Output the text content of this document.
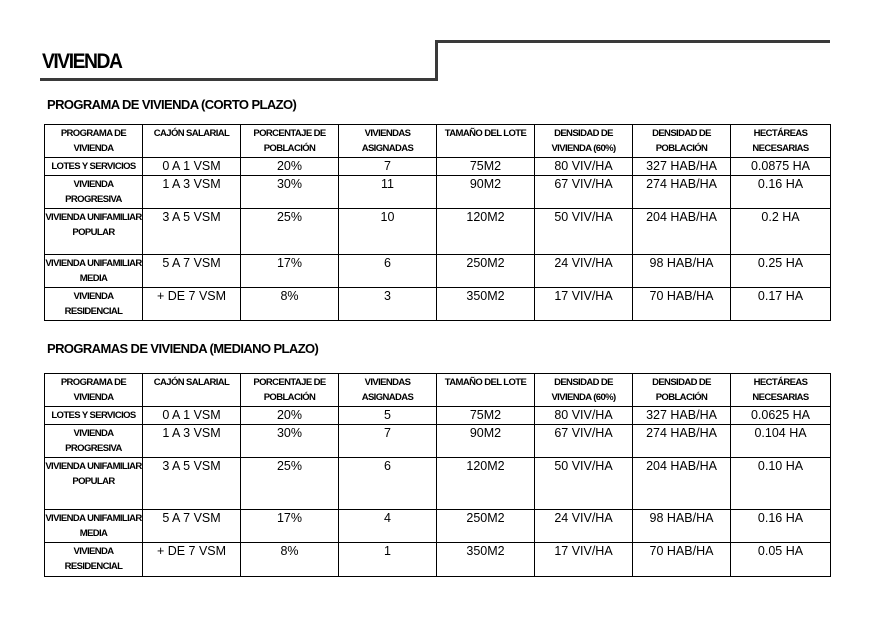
VIVIENDA
PROGRAMA DE VIVIENDA (CORTO PLAZO)
PROGRAMA DE VIVIENDA	CAJÓN SALARIAL	PORCENTAJE DE POBLACIÓN	VIVIENDAS ASIGNADAS	TAMAÑO DEL LOTE	DENSIDAD DE VIVIENDA (60%)	DENSIDAD DE POBLACIÓN	HECTÁREAS NECESARIAS
LOTES Y SERVICIOS	0 A 1 VSM	20%	7	75M2	80 VIV/HA	327 HAB/HA	0.0875 HA
VIVIENDA PROGRESIVA	1 A 3 VSM	30%	11	90M2	67 VIV/HA	274 HAB/HA	0.16 HA
VIVIENDA UNIFAMILIAR POPULAR	3 A 5 VSM	25%	10	120M2	50 VIV/HA	204 HAB/HA	0.2 HA
VIVIENDA UNIFAMILIAR MEDIA	5 A 7 VSM	17%	6	250M2	24 VIV/HA	98 HAB/HA	0.25 HA
VIVIENDA RESIDENCIAL	+ DE 7 VSM	8%	3	350M2	17 VIV/HA	70 HAB/HA	0.17 HA
PROGRAMAS DE VIVIENDA (MEDIANO PLAZO)
PROGRAMA DE VIVIENDA	CAJÓN SALARIAL	PORCENTAJE DE POBLACIÓN	VIVIENDAS ASIGNADAS	TAMAÑO DEL LOTE	DENSIDAD DE VIVIENDA (60%)	DENSIDAD DE POBLACIÓN	HECTÁREAS NECESARIAS
LOTES Y SERVICIOS	0 A 1 VSM	20%	5	75M2	80 VIV/HA	327 HAB/HA	0.0625 HA
VIVIENDA PROGRESIVA	1 A 3 VSM	30%	7	90M2	67 VIV/HA	274 HAB/HA	0.104 HA
VIVIENDA UNIFAMILIAR POPULAR	3 A 5 VSM	25%	6	120M2	50 VIV/HA	204 HAB/HA	0.10 HA
VIVIENDA UNIFAMILIAR MEDIA	5 A 7 VSM	17%	4	250M2	24 VIV/HA	98 HAB/HA	0.16 HA
VIVIENDA RESIDENCIAL	+ DE 7 VSM	8%	1	350M2	17 VIV/HA	70 HAB/HA	0.05 HA
